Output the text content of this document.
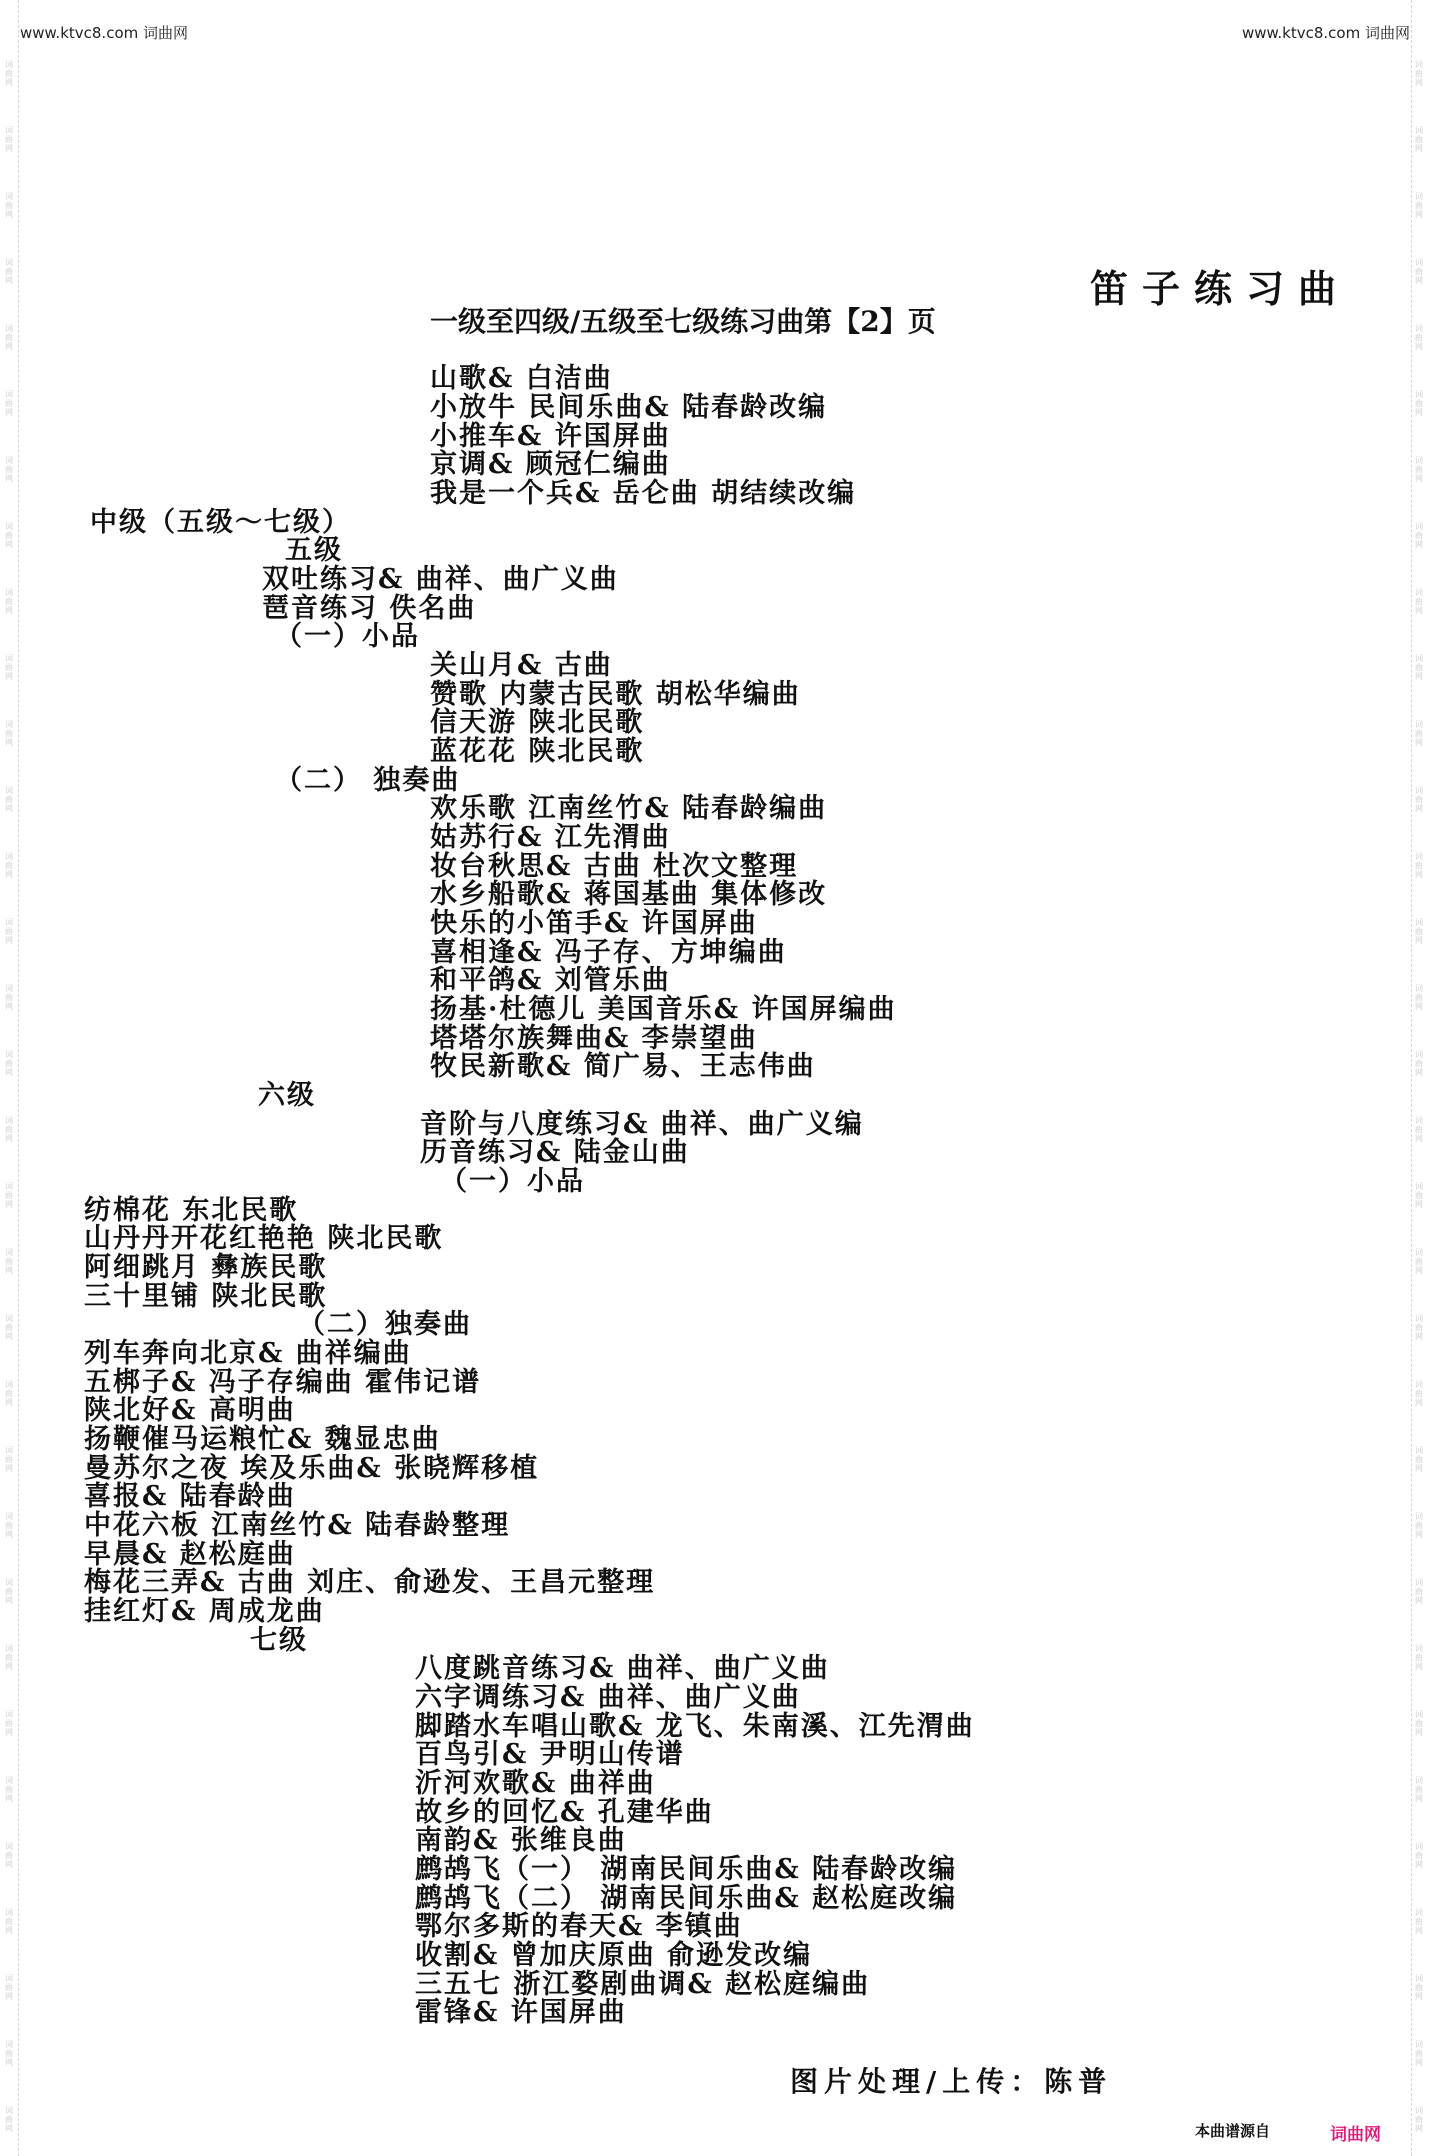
词
曲
网
词
曲
网
词
曲
网
词
曲
网
词
曲
网
词
曲
网
词
曲
网
词
曲
网
词
曲
网
词
曲
网
词
曲
网
词
曲
网
词
曲
网
词
曲
网
词
曲
网
词
曲
网
词
曲
网
词
曲
网
词
曲
网
词
曲
网
词
曲
网
词
曲
网
词
曲
网
词
曲
网
词
曲
网
词
曲
网
词
曲
网
词
曲
网
词
曲
网
词
曲
网
词
曲
网
词
曲
网
词
曲
网
词
曲
网
词
曲
网
词
曲
网
词
曲
网
词
曲
网
词
曲
网
词
曲
网
词
曲
网
词
曲
网
词
曲
网
词
曲
网
词
曲
网
词
曲
网
词
曲
网
词
曲
网
词
曲
网
词
曲
网
词
曲
网
词
曲
网
词
曲
网
词
曲
网
词
曲
网
词
曲
网
词
曲
网
词
曲
网
词
曲
网
词
曲
网
词
曲
网
词
曲
网
词
曲
网
词
曲
网
www.ktvc8.com 词曲网	www.ktvc8.com 词曲网
笛子练习曲
一级至四级/五级至七级练习曲第【2】页
山歌& 白洁曲
小放牛 民间乐曲& 陆春龄改编
小推车& 许国屏曲
京调& 顾冠仁编曲
我是一个兵& 岳仑曲 胡结续改编
中级（五级～七级）
五级
双吐练习& 曲祥、曲广义曲
琶音练习 佚名曲
（一）小品
关山月& 古曲
赞歌 内蒙古民歌 胡松华编曲
信天游 陕北民歌
蓝花花 陕北民歌
（二） 独奏曲
欢乐歌 江南丝竹& 陆春龄编曲
姑苏行& 江先渭曲
妆台秋思& 古曲 杜次文整理
水乡船歌& 蒋国基曲 集体修改
快乐的小笛手& 许国屏曲
喜相逢& 冯子存、方坤编曲
和平鸽& 刘管乐曲
扬基·杜德儿 美国音乐& 许国屏编曲
塔塔尔族舞曲& 李崇望曲
牧民新歌& 简广易、王志伟曲
六级
音阶与八度练习& 曲祥、曲广义编
历音练习& 陆金山曲
（一）小品
纺棉花 东北民歌
山丹丹开花红艳艳 陕北民歌
阿细跳月 彝族民歌
三十里铺 陕北民歌
（二）独奏曲
列车奔向北京& 曲祥编曲
五梆子& 冯子存编曲 霍伟记谱
陕北好& 高明曲
扬鞭催马运粮忙& 魏显忠曲
曼苏尔之夜 埃及乐曲& 张晓辉移植
喜报& 陆春龄曲
中花六板 江南丝竹& 陆春龄整理
早晨& 赵松庭曲
梅花三弄& 古曲 刘庄、俞逊发、王昌元整理
挂红灯& 周成龙曲
七级
八度跳音练习& 曲祥、曲广义曲
六字调练习& 曲祥、曲广义曲
脚踏水车唱山歌& 龙飞、朱南溪、江先渭曲
百鸟引& 尹明山传谱
沂河欢歌& 曲祥曲
故乡的回忆& 孔建华曲
南韵& 张维良曲
鹧鸪飞（一） 湖南民间乐曲& 陆春龄改编
鹧鸪飞（二） 湖南民间乐曲& 赵松庭改编
鄂尔多斯的春天& 李镇曲
收割& 曾加庆原曲 俞逊发改编
三五七 浙江婺剧曲调& 赵松庭编曲
雷锋& 许国屏曲
图片处理/上传：陈普
本曲谱源自	词曲网
